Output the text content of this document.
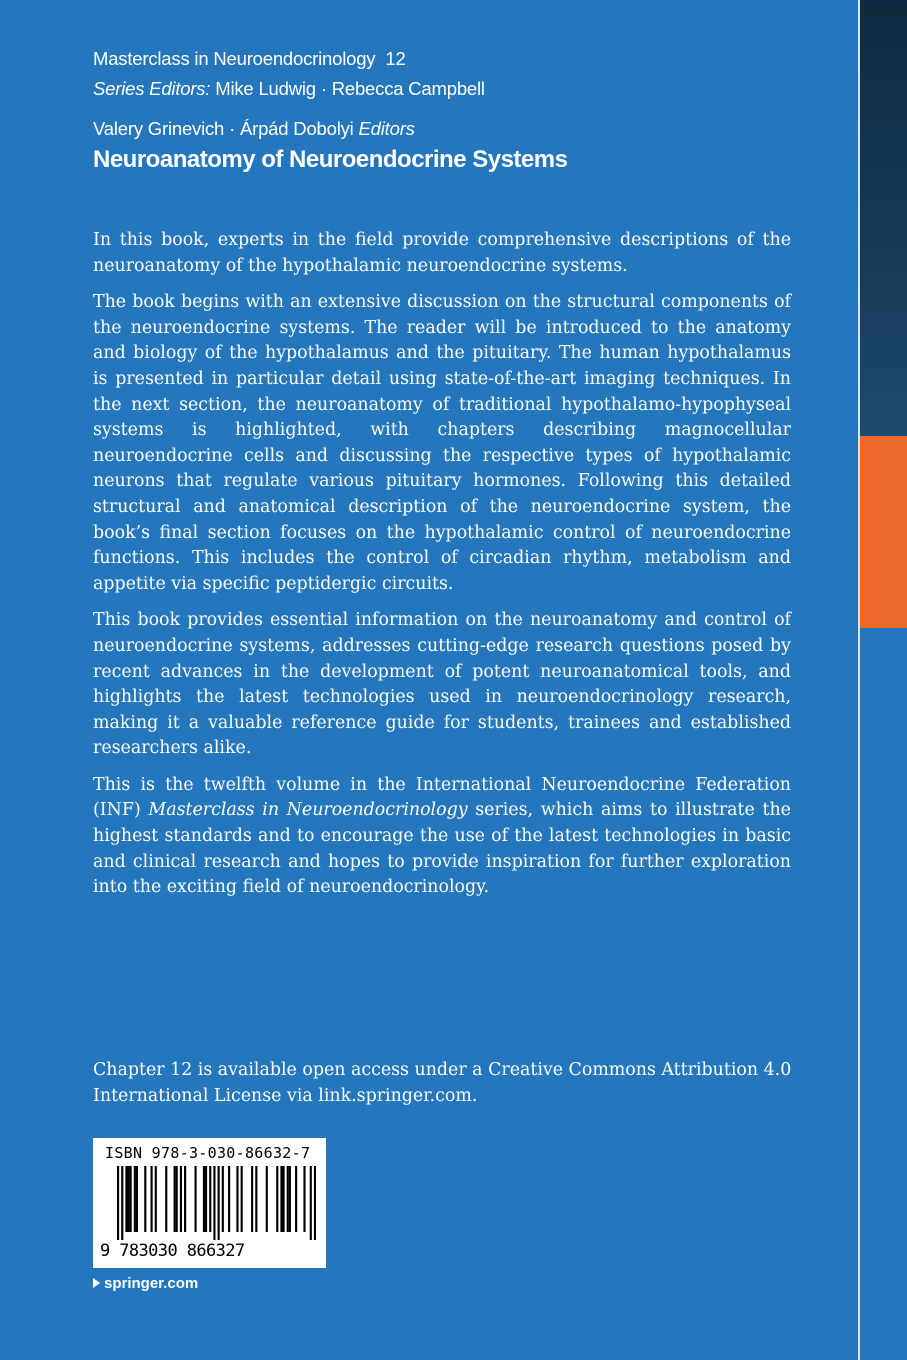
Masterclass in Neuroendocrinology 12
Series Editors: Mike Ludwig · Rebecca Campbell
Valery Grinevich · Árpád Dobolyi Editors
Neuroanatomy of Neuroendocrine Systems

In this book, experts in the field provide comprehensive descriptions of the neuroanatomy of the hypothalamic neuroendocrine systems.

The book begins with an extensive discussion on the structural components of the neuroendocrine systems. The reader will be introduced to the anatomy and biology of the hypothalamus and the pituitary. The human hypothalamus is presented in particular detail using state-of-the-art imaging techniques. In the next section, the neuroanatomy of traditional hypothalamo-hypophyseal systems is highlighted, with chapters describing magnocellular neuroendocrine cells and discussing the respective types of hypothalamic neurons that regulate various pituitary hormones. Following this detailed structural and anatomical description of the neuroendocrine system, the book’s final section focuses on the hypothalamic control of neuroendocrine functions. This includes the control of circadian rhythm, metabolism and appetite via specific peptidergic circuits.

This book provides essential information on the neuroanatomy and control of neuroendocrine systems, addresses cutting-edge research questions posed by recent advances in the development of potent neuroanatomical tools, and highlights the latest technologies used in neuroendocrinology research, making it a valuable reference guide for students, trainees and established researchers alike.

This is the twelfth volume in the International Neuroendocrine Federation (INF) Masterclass in Neuroendocrinology series, which aims to illustrate the highest standards and to encourage the use of the latest technologies in basic and clinical research and hopes to provide inspiration for further exploration into the exciting field of neuroendocrinology.

Chapter 12 is available open access under a Creative Commons Attribution 4.0 International License via link.springer.com.
ISBN 978-3-030-86632-7
9 783030 866327
springer.com
